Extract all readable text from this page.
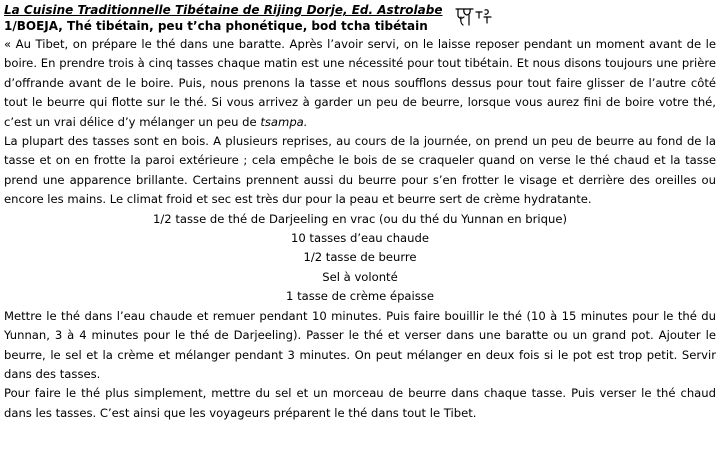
La Cuisine Traditionnelle Tibétaine de Rijing Dorje, Ed. Astrolabe
1/BOEJA, Thé tibétain, peu t’cha phonétique, bod tcha tibétain

« Au Tibet, on prépare le thé dans une baratte. Après l’avoir servi, on le laisse reposer pendant un moment avant de le boire. En prendre trois à cinq tasses chaque matin est une nécessité pour tout tibétain. Et nous disons toujours une prière d’offrande avant de le boire. Puis, nous prenons la tasse et nous soufflons dessus pour tout faire glisser de l’autre côté tout le beurre qui flotte sur le thé. Si vous arrivez à garder un peu de beurre, lorsque vous aurez fini de boire votre thé, c’est un vrai délice d’y mélanger un peu de tsampa.

La plupart des tasses sont en bois. A plusieurs reprises, au cours de la journée, on prend un peu de beurre au fond de la tasse et on en frotte la paroi extérieure ; cela empêche le bois de se craqueler quand on verse le thé chaud et la tasse prend une apparence brillante. Certains prennent aussi du beurre pour s’en frotter le visage et derrière des oreilles ou encore les mains. Le climat froid et sec est très dur pour la peau et beurre sert de crème hydratante.

1/2 tasse de thé de Darjeeling en vrac (ou du thé du Yunnan en brique)
10 tasses d’eau chaude
1/2 tasse de beurre
Sel à volonté
1 tasse de crème épaisse

Mettre le thé dans l’eau chaude et remuer pendant 10 minutes. Puis faire bouillir le thé (10 à 15 minutes pour le thé du Yunnan, 3 à 4 minutes pour le thé de Darjeeling). Passer le thé et verser dans une baratte ou un grand pot. Ajouter le beurre, le sel et la crème et mélanger pendant 3 minutes. On peut mélanger en deux fois si le pot est trop petit. Servir dans des tasses.

Pour faire le thé plus simplement, mettre du sel et un morceau de beurre dans chaque tasse. Puis verser le thé chaud dans les tasses. C’est ainsi que les voyageurs préparent le thé dans tout le Tibet.
